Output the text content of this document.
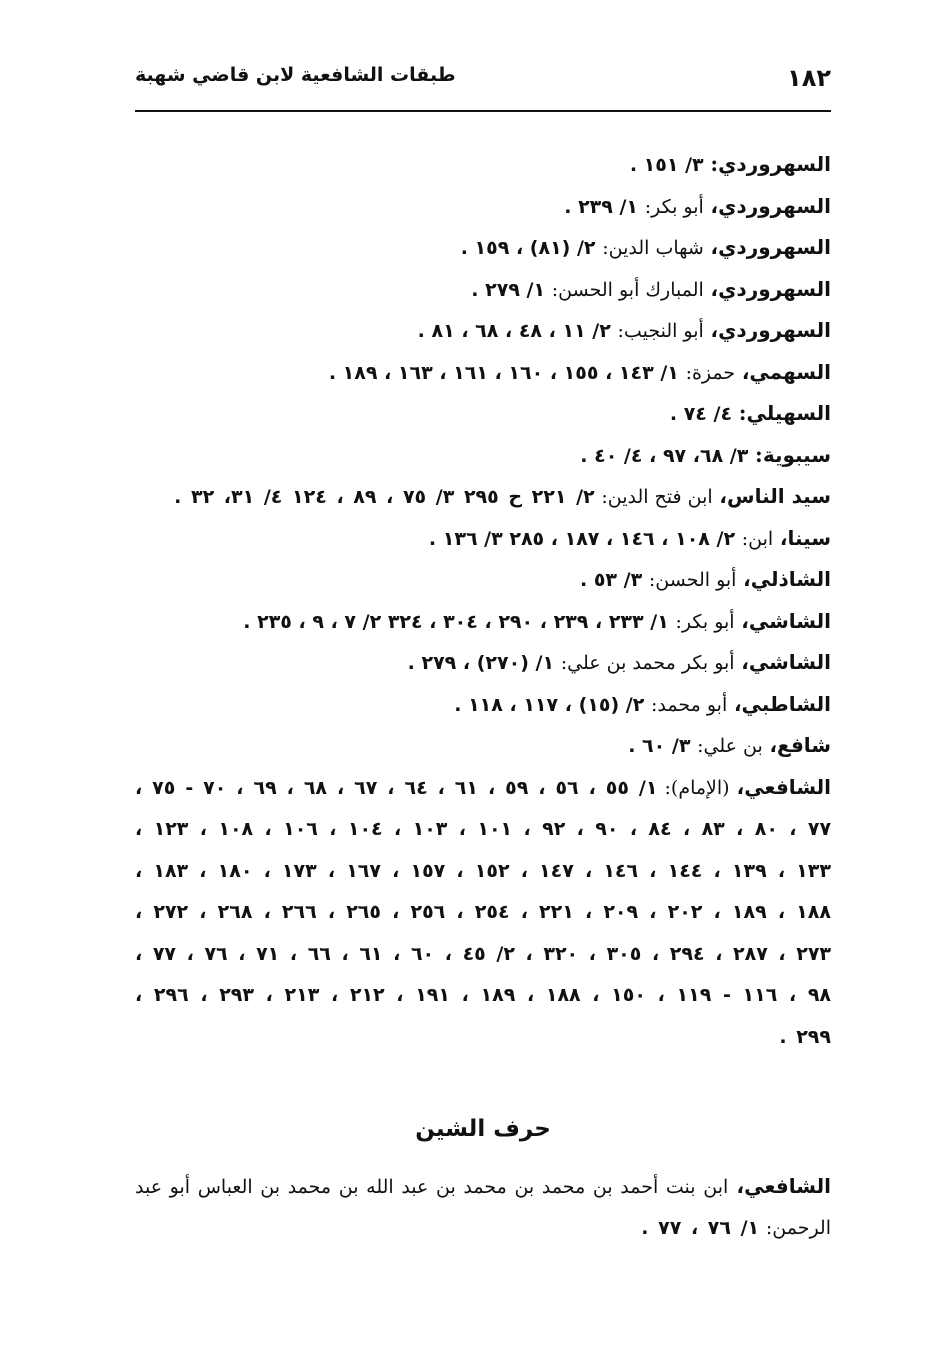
١٨٢
طبقات الشافعية لابن قاضي شهبة

السهروردي: ٣/ ١٥١ .

السهروردي، أبو بكر: ١/ ٢٣٩ .

السهروردي، شهاب الدين: ٢/ (٨١) ، ١٥٩ .

السهروردي، المبارك أبو الحسن: ١/ ٢٧٩ .

السهروردي، أبو النجيب: ٢/ ١١ ، ٤٨ ، ٦٨ ، ٨١ .

السهمي، حمزة: ١/ ١٤٣ ، ١٥٥ ، ١٦٠ ، ١٦١ ، ١٦٣ ، ١٨٩ .

السهيلي: ٤/ ٧٤ .

سيبوية: ٣/ ٦٨، ٩٧ ، ٤/ ٤٠ .

سيد الناس، ابن فتح الدين: ٢/ ٢٢١ ح ٢٩٥ ٣/ ٧٥ ، ٨٩ ، ١٢٤ ٤/ ٣١، ٣٢ .

سينا، ابن: ٢/ ١٠٨ ، ١٤٦ ، ١٨٧ ، ٢٨٥ ٣/ ١٣٦ .

الشاذلي، أبو الحسن: ٣/ ٥٣ .

الشاشي، أبو بكر: ١/ ٢٣٣ ، ٢٣٩ ، ٢٩٠ ، ٣٠٤ ، ٣٢٤ ٢/ ٧ ، ٩ ، ٢٣٥ .

الشاشي، أبو بكر محمد بن علي: ١/ (٢٧٠) ، ٢٧٩ .

الشاطبي، أبو محمد: ٢/ (١٥) ، ١١٧ ، ١١٨ .

شافع، بن علي: ٣/ ٦٠ .

الشافعي، (الإمام): ١/ ٥٥ ، ٥٦ ، ٥٩ ، ٦١ ، ٦٤ ، ٦٧ ، ٦٨ ، ٦٩ ، ٧٠ - ٧٥ ، ٧٧ ، ٨٠ ، ٨٣ ، ٨٤ ، ٩٠ ، ٩٢ ، ١٠١ ، ١٠٣ ، ١٠٤ ، ١٠٦ ، ١٠٨ ، ١٢٣ ، ١٣٣ ، ١٣٩ ، ١٤٤ ، ١٤٦ ، ١٤٧ ، ١٥٢ ، ١٥٧ ، ١٦٧ ، ١٧٣ ، ١٨٠ ، ١٨٣ ، ١٨٨ ، ١٨٩ ، ٢٠٢ ، ٢٠٩ ، ٢٢١ ، ٢٥٤ ، ٢٥٦ ، ٢٦٥ ، ٢٦٦ ، ٢٦٨ ، ٢٧٢ ، ٢٧٣ ، ٢٨٧ ، ٢٩٤ ، ٣٠٥ ، ٣٢٠ ، ٢/ ٤٥ ، ٦٠ ، ٦١ ، ٦٦ ، ٧١ ، ٧٦ ، ٧٧ ، ٩٨ ، ١١٦ - ١١٩ ، ١٥٠ ، ١٨٨ ، ١٨٩ ، ١٩١ ، ٢١٢ ، ٢١٣ ، ٢٩٣ ، ٢٩٦ ، ٢٩٩ .

حرف الشين

الشافعي، ابن بنت أحمد بن محمد بن محمد بن عبد الله بن محمد بن العباس أبو عبد الرحمن: ١/ ٧٦ ، ٧٧ .
